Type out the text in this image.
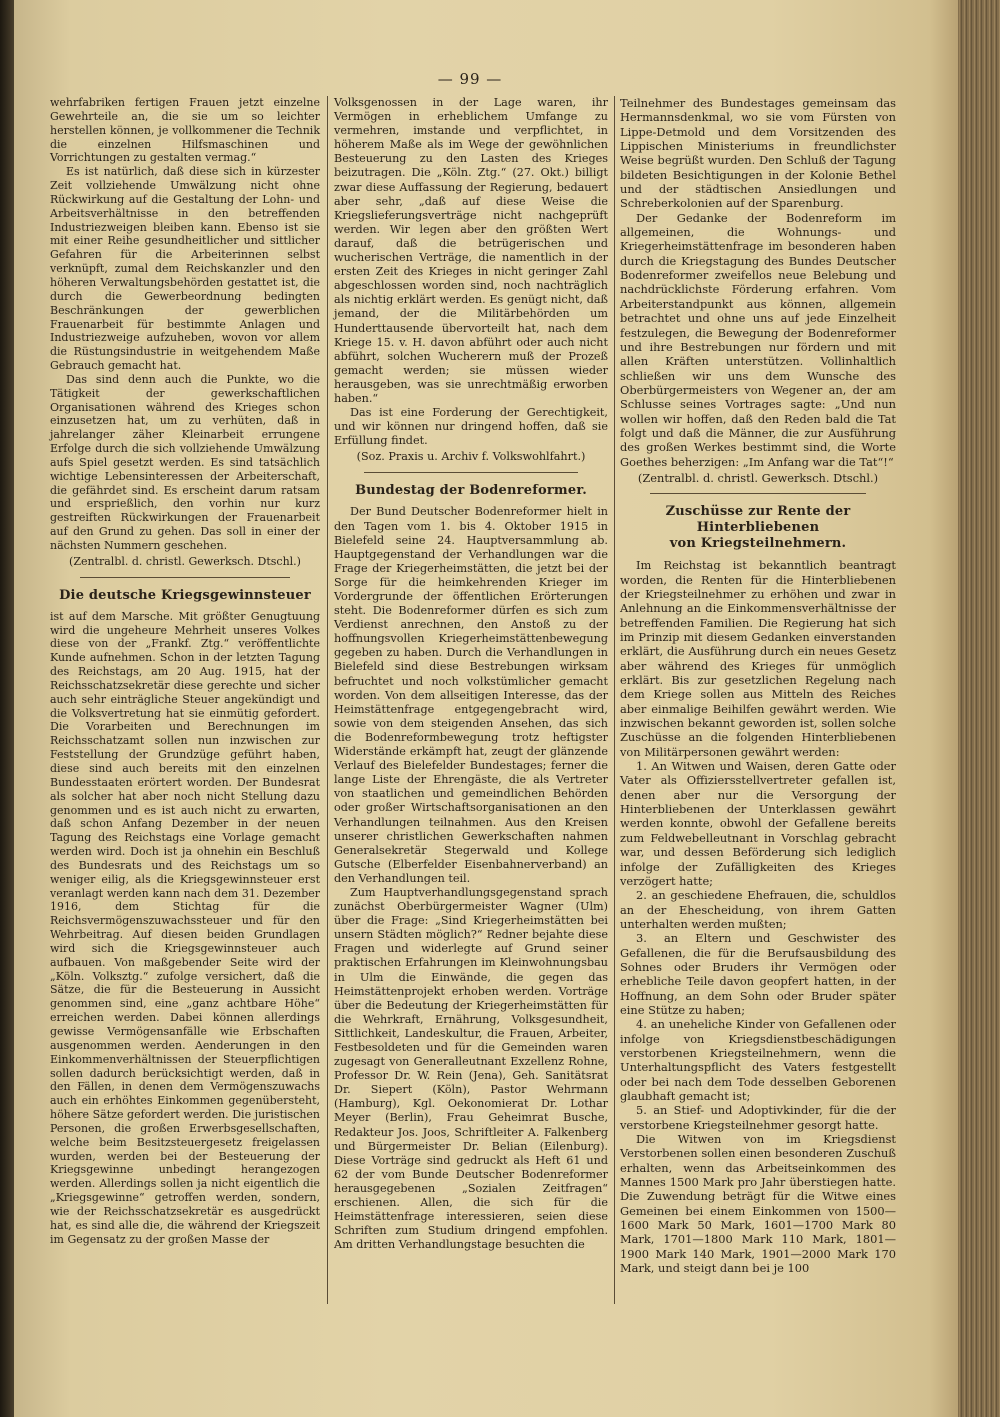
— 99 —

wehrfabriken fertigen Frauen jetzt einzelne Gewehrteile an, die sie um so leichter herstellen können, je vollkommener die Technik die einzelnen Hilfsmaschinen und Vorrichtungen zu gestalten vermag.“

Es ist natürlich, daß diese sich in kürzester Zeit vollziehende Umwälzung nicht ohne Rückwirkung auf die Gestaltung der Lohn- und Arbeitsverhältnisse in den betreffenden Industriezweigen bleiben kann. Ebenso ist sie mit einer Reihe gesundheitlicher und sittlicher Gefahren für die Arbeiterinnen selbst verknüpft, zumal dem Reichskanzler und den höheren Verwaltungsbehörden gestattet ist, die durch die Gewerbeordnung bedingten Beschränkungen der gewerblichen Frauenarbeit für bestimmte Anlagen und Industriezweige aufzuheben, wovon vor allem die Rüstungsindustrie in weitgehendem Maße Gebrauch gemacht hat.

Das sind denn auch die Punkte, wo die Tätigkeit der gewerkschaftlichen Organisationen während des Krieges schon einzusetzen hat, um zu verhüten, daß in jahrelanger zäher Kleinarbeit errungene Erfolge durch die sich vollziehende Umwälzung aufs Spiel gesetzt werden. Es sind tatsächlich wichtige Lebensinteressen der Arbeiterschaft, die gefährdet sind. Es erscheint darum ratsam und ersprießlich, den vorhin nur kurz gestreiften Rückwirkungen der Frauenarbeit auf den Grund zu gehen. Das soll in einer der nächsten Nummern geschehen.

(Zentralbl. d. christl. Gewerksch. Dtschl.)

Die deutsche Kriegsgewinnsteuer

ist auf dem Marsche. Mit größter Genugtuung wird die ungeheure Mehrheit unseres Volkes diese von der „Frankf. Ztg.“ veröffentlichte Kunde aufnehmen. Schon in der letzten Tagung des Reichstags, am 20 Aug. 1915, hat der Reichsschatzsekretär diese gerechte und sicher auch sehr einträgliche Steuer angekündigt und die Volksvertretung hat sie einmütig gefordert. Die Vorarbeiten und Berechnungen im Reichsschatzamt sollen nun inzwischen zur Feststellung der Grundzüge geführt haben, diese sind auch bereits mit den einzelnen Bundesstaaten erörtert worden. Der Bundesrat als solcher hat aber noch nicht Stellung dazu genommen und es ist auch nicht zu erwarten, daß schon Anfang Dezember in der neuen Tagung des Reichstags eine Vorlage gemacht werden wird. Doch ist ja ohnehin ein Beschluß des Bundesrats und des Reichstags um so weniger eilig, als die Kriegsgewinnsteuer erst veranlagt werden kann nach dem 31. Dezember 1916, dem Stichtag für die Reichsvermögenszuwachssteuer und für den Wehrbeitrag. Auf diesen beiden Grundlagen wird sich die Kriegsgewinnsteuer auch aufbauen. Von maßgebender Seite wird der „Köln. Volksztg.“ zufolge versichert, daß die Sätze, die für die Besteuerung in Aussicht genommen sind, eine „ganz achtbare Höhe“ erreichen werden. Dabei können allerdings gewisse Vermögensanfälle wie Erbschaften ausgenommen werden. Aenderungen in den Einkommenverhältnissen der Steuerpflichtigen sollen dadurch berücksichtigt werden, daß in den Fällen, in denen dem Vermögenszuwachs auch ein erhöhtes Einkommen gegenübersteht, höhere Sätze gefordert werden. Die juristischen Personen, die großen Erwerbsgesellschaften, welche beim Besitzsteuergesetz freigelassen wurden, werden bei der Besteuerung der Kriegsgewinne unbedingt herangezogen werden. Allerdings sollen ja nicht eigentlich die „Kriegsgewinne“ getroffen werden, sondern, wie der Reichsschatzsekretär es ausgedrückt hat, es sind alle die, die während der Kriegszeit im Gegensatz zu der großen Masse der

Volksgenossen in der Lage waren, ihr Vermögen in erheblichem Umfange zu vermehren, imstande und verpflichtet, in höherem Maße als im Wege der gewöhnlichen Besteuerung zu den Lasten des Krieges beizutragen. Die „Köln. Ztg.“ (27. Okt.) billigt zwar diese Auffassung der Regierung, bedauert aber sehr, „daß auf diese Weise die Kriegslieferungsverträge nicht nachgeprüft werden. Wir legen aber den größten Wert darauf, daß die betrügerischen und wucherischen Verträge, die namentlich in der ersten Zeit des Krieges in nicht geringer Zahl abgeschlossen worden sind, noch nachträglich als nichtig erklärt werden. Es genügt nicht, daß jemand, der die Militärbehörden um Hunderttausende übervorteilt hat, nach dem Kriege 15. v. H. davon abführt oder auch nicht abführt, solchen Wucherern muß der Prozeß gemacht werden; sie müssen wieder herausgeben, was sie unrechtmäßig erworben haben.“

Das ist eine Forderung der Gerechtigkeit, und wir können nur dringend hoffen, daß sie Erfüllung findet.

(Soz. Praxis u. Archiv f. Volkswohlfahrt.)

Bundestag der Bodenreformer.

Der Bund Deutscher Bodenreformer hielt in den Tagen vom 1. bis 4. Oktober 1915 in Bielefeld seine 24. Hauptversammlung ab. Hauptgegenstand der Verhandlungen war die Frage der Kriegerheimstätten, die jetzt bei der Sorge für die heimkehrenden Krieger im Vordergrunde der öffentlichen Erörterungen steht. Die Bodenreformer dürfen es sich zum Verdienst anrechnen, den Anstoß zu der hoffnungsvollen Kriegerheimstättenbewegung gegeben zu haben. Durch die Verhandlungen in Bielefeld sind diese Bestrebungen wirksam befruchtet und noch volkstümlicher gemacht worden. Von dem allseitigen Interesse, das der Heimstättenfrage entgegengebracht wird, sowie von dem steigenden Ansehen, das sich die Bodenreformbewegung trotz heftigster Widerstände erkämpft hat, zeugt der glänzende Verlauf des Bielefelder Bundestages; ferner die lange Liste der Ehrengäste, die als Vertreter von staatlichen und gemeindlichen Behörden oder großer Wirtschaftsorganisationen an den Verhandlungen teilnahmen. Aus den Kreisen unserer christlichen Gewerkschaften nahmen Generalsekretär Stegerwald und Kollege Gutsche (Elberfelder Eisenbahnerverband) an den Verhandlungen teil.

Zum Hauptverhandlungsgegenstand sprach zunächst Oberbürgermeister Wagner (Ulm) über die Frage: „Sind Kriegerheimstätten bei unsern Städten möglich?“ Redner bejahte diese Fragen und widerlegte auf Grund seiner praktischen Erfahrungen im Kleinwohnungsbau in Ulm die Einwände, die gegen das Heimstättenprojekt erhoben werden. Vorträge über die Bedeutung der Kriegerheimstätten für die Wehrkraft, Ernährung, Volksgesundheit, Sittlichkeit, Landeskultur, die Frauen, Arbeiter, Festbesoldeten und für die Gemeinden waren zugesagt von Generalleutnant Exzellenz Rohne, Professor Dr. W. Rein (Jena), Geh. Sanitätsrat Dr. Siepert (Köln), Pastor Wehrmann (Hamburg), Kgl. Oekonomierat Dr. Lothar Meyer (Berlin), Frau Geheimrat Busche, Redakteur Jos. Joos, Schriftleiter A. Falkenberg und Bürgermeister Dr. Belian (Eilenburg). Diese Vorträge sind gedruckt als Heft 61 und 62 der vom Bunde Deutscher Bodenreformer herausgegebenen „Sozialen Zeitfragen“ erschienen. Allen, die sich für die Heimstättenfrage interessieren, seien diese Schriften zum Studium dringend empfohlen. Am dritten Verhandlungstage besuchten die

Teilnehmer des Bundestages gemeinsam das Hermannsdenkmal, wo sie vom Fürsten von Lippe-Detmold und dem Vorsitzenden des Lippischen Ministeriums in freundlichster Weise begrüßt wurden. Den Schluß der Tagung bildeten Besichtigungen in der Kolonie Bethel und der städtischen Ansiedlungen und Schreberkolonien auf der Sparenburg.

Der Gedanke der Bodenreform im allgemeinen, die Wohnungs- und Kriegerheimstättenfrage im besonderen haben durch die Kriegstagung des Bundes Deutscher Bodenreformer zweifellos neue Belebung und nachdrücklichste Förderung erfahren. Vom Arbeiterstandpunkt aus können, allgemein betrachtet und ohne uns auf jede Einzelheit festzulegen, die Bewegung der Bodenreformer und ihre Bestrebungen nur fördern und mit allen Kräften unterstützen. Vollinhaltlich schließen wir uns dem Wunsche des Oberbürgermeisters von Wegener an, der am Schlusse seines Vortrages sagte: „Und nun wollen wir hoffen, daß den Reden bald die Tat folgt und daß die Männer, die zur Ausführung des großen Werkes bestimmt sind, die Worte Goethes beherzigen: „Im Anfang war die Tat“!“

(Zentralbl. d. christl. Gewerksch. Dtschl.)

Zuschüsse zur Rente der Hinterbliebenen
von Kriegsteilnehmern.

Im Reichstag ist bekanntlich beantragt worden, die Renten für die Hinterbliebenen der Kriegsteilnehmer zu erhöhen und zwar in Anlehnung an die Einkommensverhältnisse der betreffenden Familien. Die Regierung hat sich im Prinzip mit diesem Gedanken einverstanden erklärt, die Ausführung durch ein neues Gesetz aber während des Krieges für unmöglich erklärt. Bis zur gesetzlichen Regelung nach dem Kriege sollen aus Mitteln des Reiches aber einmalige Beihilfen gewährt werden. Wie inzwischen bekannt geworden ist, sollen solche Zuschüsse an die folgenden Hinterbliebenen von Militärpersonen gewährt werden:

1. An Witwen und Waisen, deren Gatte oder Vater als Offiziersstellvertreter gefallen ist, denen aber nur die Versorgung der Hinterbliebenen der Unterklassen gewährt werden konnte, obwohl der Gefallene bereits zum Feldwebelleutnant in Vorschlag gebracht war, und dessen Beförderung sich lediglich infolge der Zufälligkeiten des Krieges verzögert hatte;
2. an geschiedene Ehefrauen, die, schuldlos an der Ehescheidung, von ihrem Gatten unterhalten werden mußten;
3. an Eltern und Geschwister des Gefallenen, die für die Berufsausbildung des Sohnes oder Bruders ihr Vermögen oder erhebliche Teile davon geopfert hatten, in der Hoffnung, an dem Sohn oder Bruder später eine Stütze zu haben;
4. an uneheliche Kinder von Gefallenen oder infolge von Kriegsdienstbeschädigungen verstorbenen Kriegsteilnehmern, wenn die Unterhaltungspflicht des Vaters festgestellt oder bei nach dem Tode desselben Geborenen glaubhaft gemacht ist;
5. an Stief- und Adoptivkinder, für die der verstorbene Kriegsteilnehmer gesorgt hatte.

Die Witwen von im Kriegsdienst Verstorbenen sollen einen besonderen Zuschuß erhalten, wenn das Arbeitseinkommen des Mannes 1500 Mark pro Jahr überstiegen hatte. Die Zuwendung beträgt für die Witwe eines Gemeinen bei einem Einkommen von 1500—1600 Mark 50 Mark, 1601—1700 Mark 80 Mark, 1701—1800 Mark 110 Mark, 1801—1900 Mark 140 Mark, 1901—2000 Mark 170 Mark, und steigt dann bei je 100
